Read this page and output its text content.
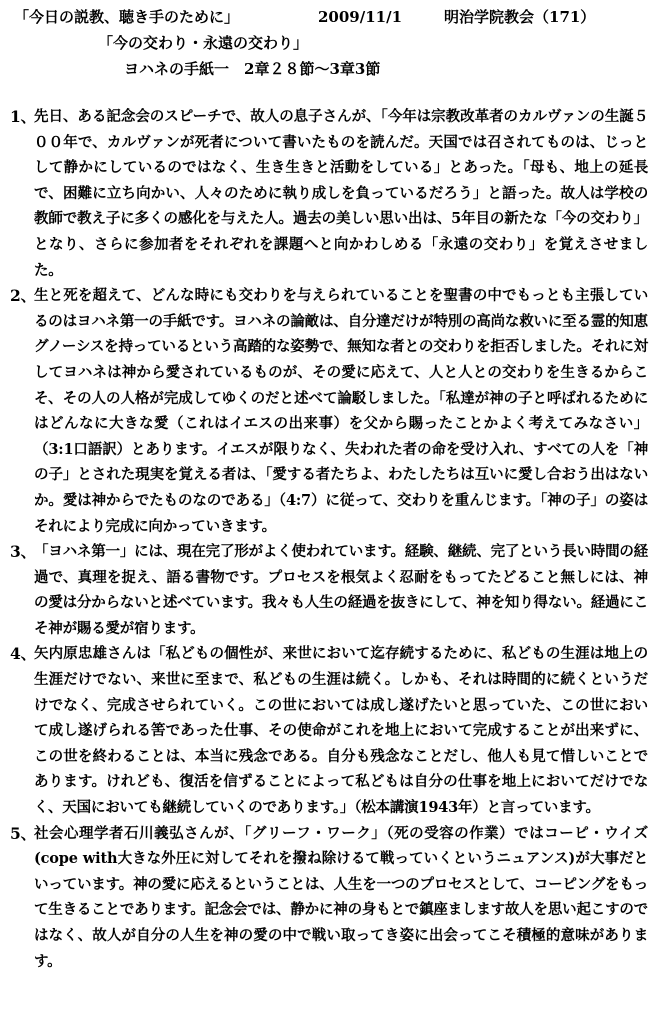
「今日の説教、聴き手のために」	2009/11/1	明治学院教会（171）
「今の交わり・永遠の交わり」
ヨハネの手紙一　2章２８節～3章3節
1、
先日、ある記念会のスピーチで、故人の息子さんが、「今年は宗教改革者のカルヴァンの生誕５００年で、カルヴァンが死者について書いたものを読んだ。天国では召されてものは、じっとして静かにしているのではなく、生き生きと活動をしている」とあった。「母も、地上の延長で、困難に立ち向かい、人々のために執り成しを負っているだろう」と語った。故人は学校の教師で教え子に多くの感化を与えた人。過去の美しい思い出は、5年目の新たな「今の交わり」となり、さらに参加者をそれぞれを課題へと向かわしめる「永遠の交わり」を覚えさせました。
2、
生と死を超えて、どんな時にも交わりを与えられていることを聖書の中でもっとも主張しているのはヨハネ第一の手紙です。ヨハネの論敵は、自分達だけが特別の高尚な救いに至る霊的知恵グノーシスを持っているという高踏的な姿勢で、無知な者との交わりを拒否しました。それに対してヨハネは神から愛されているものが、その愛に応えて、人と人との交わりを生きるからこそ、その人の人格が完成してゆくのだと述べて論駁しました。「私達が神の子と呼ばれるためにはどんなに大きな愛（これはイエスの出来事）を父から賜ったことかよく考えてみなさい」（3:1口語訳）とあります。イエスが限りなく、失われた者の命を受け入れ、すべての人を「神の子」とされた現実を覚える者は、「愛する者たちよ、わたしたちは互いに愛し合おう出はないか。愛は神からでたものなのである」（4:7）に従って、交わりを重んじます。「神の子」の姿はそれにより完成に向かっていきます。
3、
「ヨハネ第一」には、現在完了形がよく使われています。経験、継続、完了という長い時間の経過で、真理を捉え、語る書物です。プロセスを根気よく忍耐をもってたどること無しには、神の愛は分からないと述べています。我々も人生の経過を抜きにして、神を知り得ない。経過にこそ神が賜る愛が宿ります。
4、
矢内原忠雄さんは「私どもの個性が、来世において迄存続するために、私どもの生涯は地上の生涯だけでない、来世に至まで、私どもの生涯は続く。しかも、それは時間的に続くというだけでなく、完成させられていく。この世においては成し遂げたいと思っていた、この世において成し遂げられる筈であった仕事、その使命がこれを地上において完成することが出来ずに、この世を終わることは、本当に残念である。自分も残念なことだし、他人も見て惜しいことであります。けれども、復活を信ずることによって私どもは自分の仕事を地上においてだけでなく、天国においても継続していくのであります。」（松本講演1943年）と言っています。
5、
社会心理学者石川義弘さんが、「グリーフ・ワーク」（死の受容の作業）ではコーピ・ウイズ(cope with大きな外圧に対してそれを撥ね除けるて戦っていくというニュアンス)が大事だといっています。神の愛に応えるということは、人生を一つのプロセスとして、コーピングをもって生きることであります。記念会では、静かに神の身もとで鎮座まします故人を思い起こすのではなく、故人が自分の人生を神の愛の中で戦い取ってき姿に出会ってこそ積極的意味があります。
